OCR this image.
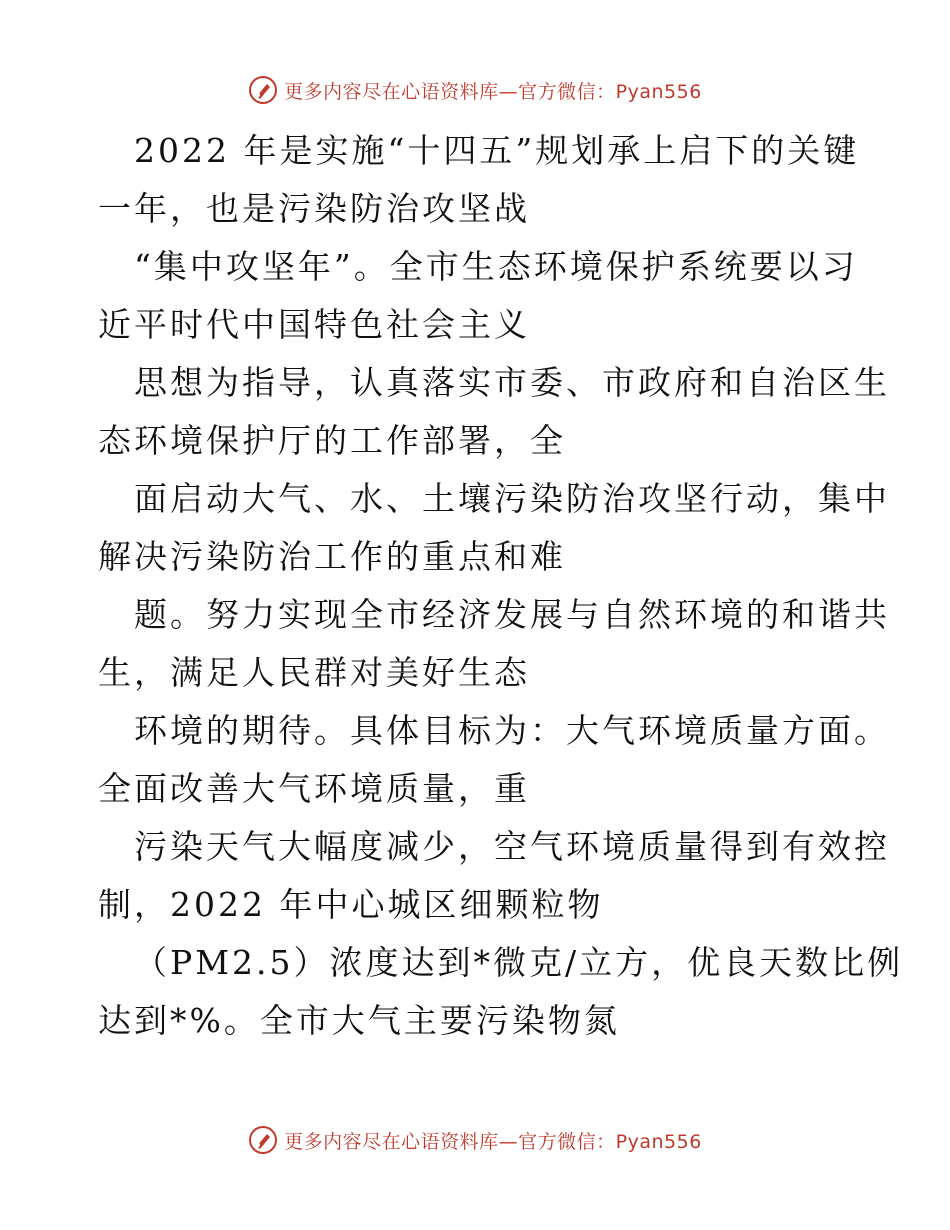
更多内容尽在心语资料库—官方微信：Pyan556
2022 年是实施“十四五”规划承上启下的关键
一年，也是污染防治攻坚战
“集中攻坚年”。全市生态环境保护系统要以习
近平时代中国特色社会主义
思想为指导，认真落实市委、市政府和自治区生
态环境保护厅的工作部署，全
面启动大气、水、土壤污染防治攻坚行动，集中
解决污染防治工作的重点和难
题。努力实现全市经济发展与自然环境的和谐共
生，满足人民群对美好生态
环境的期待。具体目标为：大气环境质量方面。
全面改善大气环境质量，重
污染天气大幅度减少，空气环境质量得到有效控
制，2022 年中心城区细颗粒物
（PM2.5）浓度达到*微克/立方，优良天数比例
达到*%。全市大气主要污染物氮
更多内容尽在心语资料库—官方微信：Pyan556
